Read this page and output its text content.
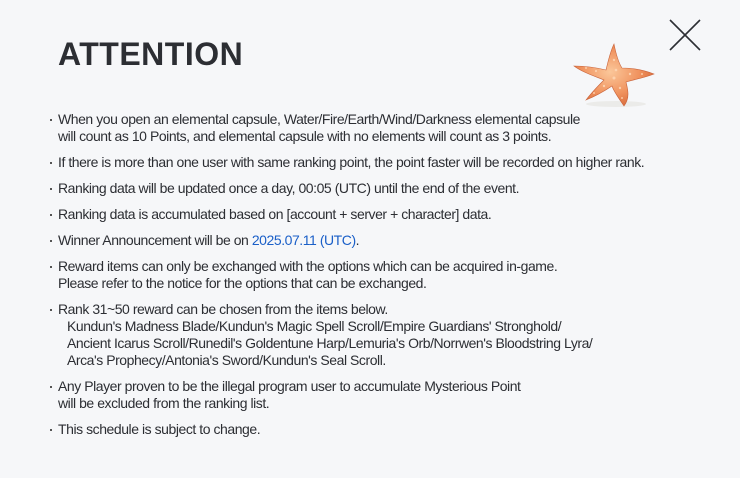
ATTENTION
When you open an elemental capsule, Water/Fire/Earth/Wind/Darkness elemental capsule
will count as 10 Points, and elemental capsule with no elements will count as 3 points.
If there is more than one user with same ranking point, the point faster will be recorded on higher rank.
Ranking data will be updated once a day, 00:05 (UTC) until the end of the event.
Ranking data is accumulated based on [account + server + character] data.
Winner Announcement will be on 2025.07.11 (UTC).
Reward items can only be exchanged with the options which can be acquired in-game.
Please refer to the notice for the options that can be exchanged.
Rank 31~50 reward can be chosen from the items below.
Kundun's Madness Blade/Kundun's Magic Spell Scroll/Empire Guardians' Stronghold/
Ancient Icarus Scroll/Runedil's Goldentune Harp/Lemuria's Orb/Norrwen's Bloodstring Lyra/
Arca's Prophecy/Antonia's Sword/Kundun's Seal Scroll.
Any Player proven to be the illegal program user to accumulate Mysterious Point
will be excluded from the ranking list.
This schedule is subject to change.
